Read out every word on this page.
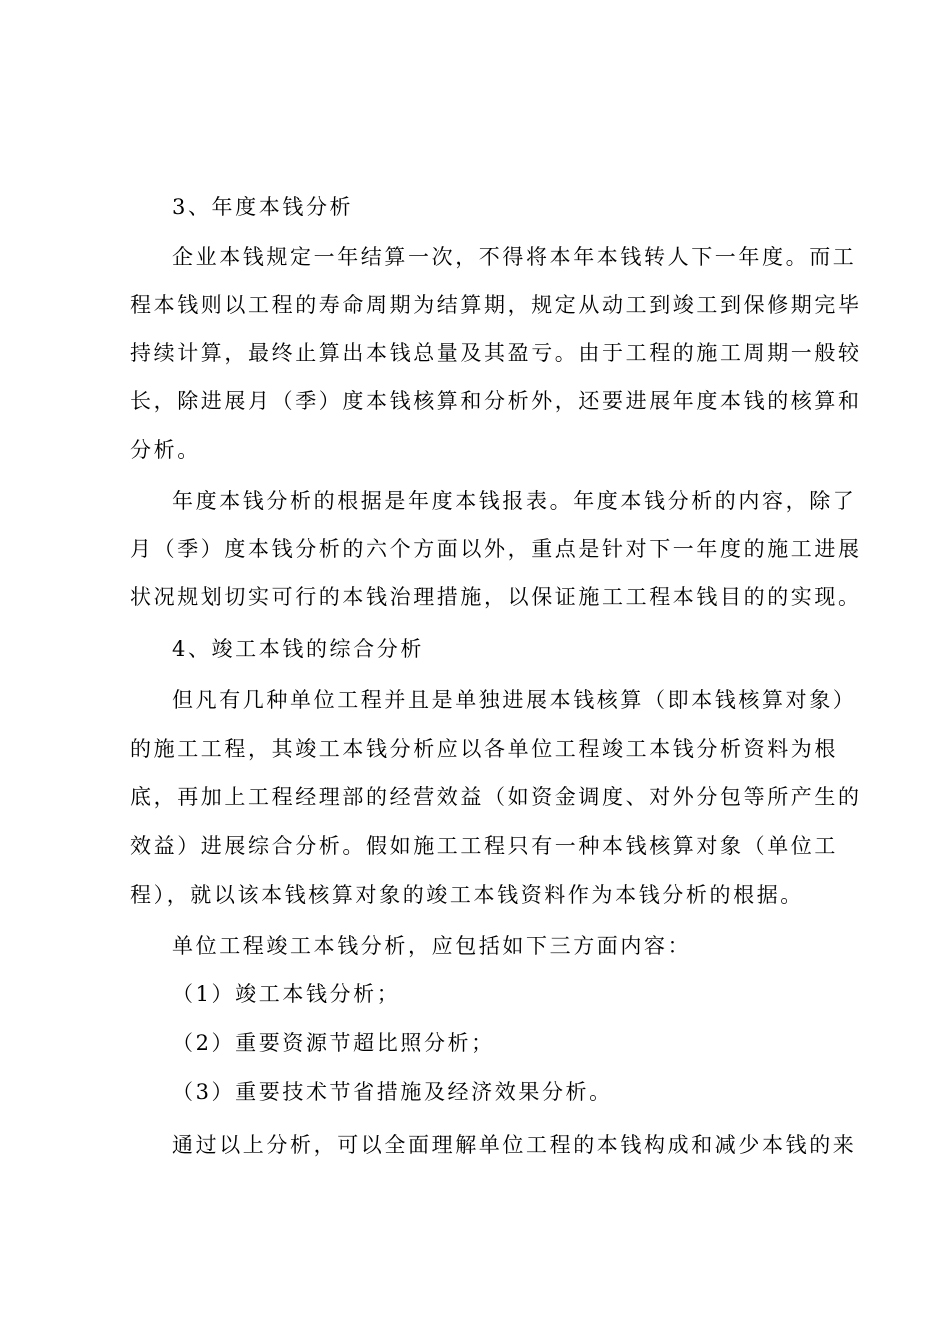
3、年度本钱分析
企业本钱规定一年结算一次，不得将本年本钱转人下一年度。而工
程本钱则以工程的寿命周期为结算期，规定从动工到竣工到保修期完毕
持续计算，最终止算出本钱总量及其盈亏。由于工程的施工周期一般较
长，除进展月（季）度本钱核算和分析外，还要进展年度本钱的核算和
分析。
年度本钱分析的根据是年度本钱报表。年度本钱分析的内容，除了
月（季）度本钱分析的六个方面以外，重点是针对下一年度的施工进展
状况规划切实可行的本钱治理措施，以保证施工工程本钱目的的实现。
4、竣工本钱的综合分析
但凡有几种单位工程并且是单独进展本钱核算（即本钱核算对象）
的施工工程，其竣工本钱分析应以各单位工程竣工本钱分析资料为根
底，再加上工程经理部的经营效益（如资金调度、对外分包等所产生的
效益）进展综合分析。假如施工工程只有一种本钱核算对象（单位工
程），就以该本钱核算对象的竣工本钱资料作为本钱分析的根据。
单位工程竣工本钱分析，应包括如下三方面内容：
（1）竣工本钱分析；
（2）重要资源节超比照分析；
（3）重要技术节省措施及经济效果分析。
通过以上分析，可以全面理解单位工程的本钱构成和减少本钱的来
